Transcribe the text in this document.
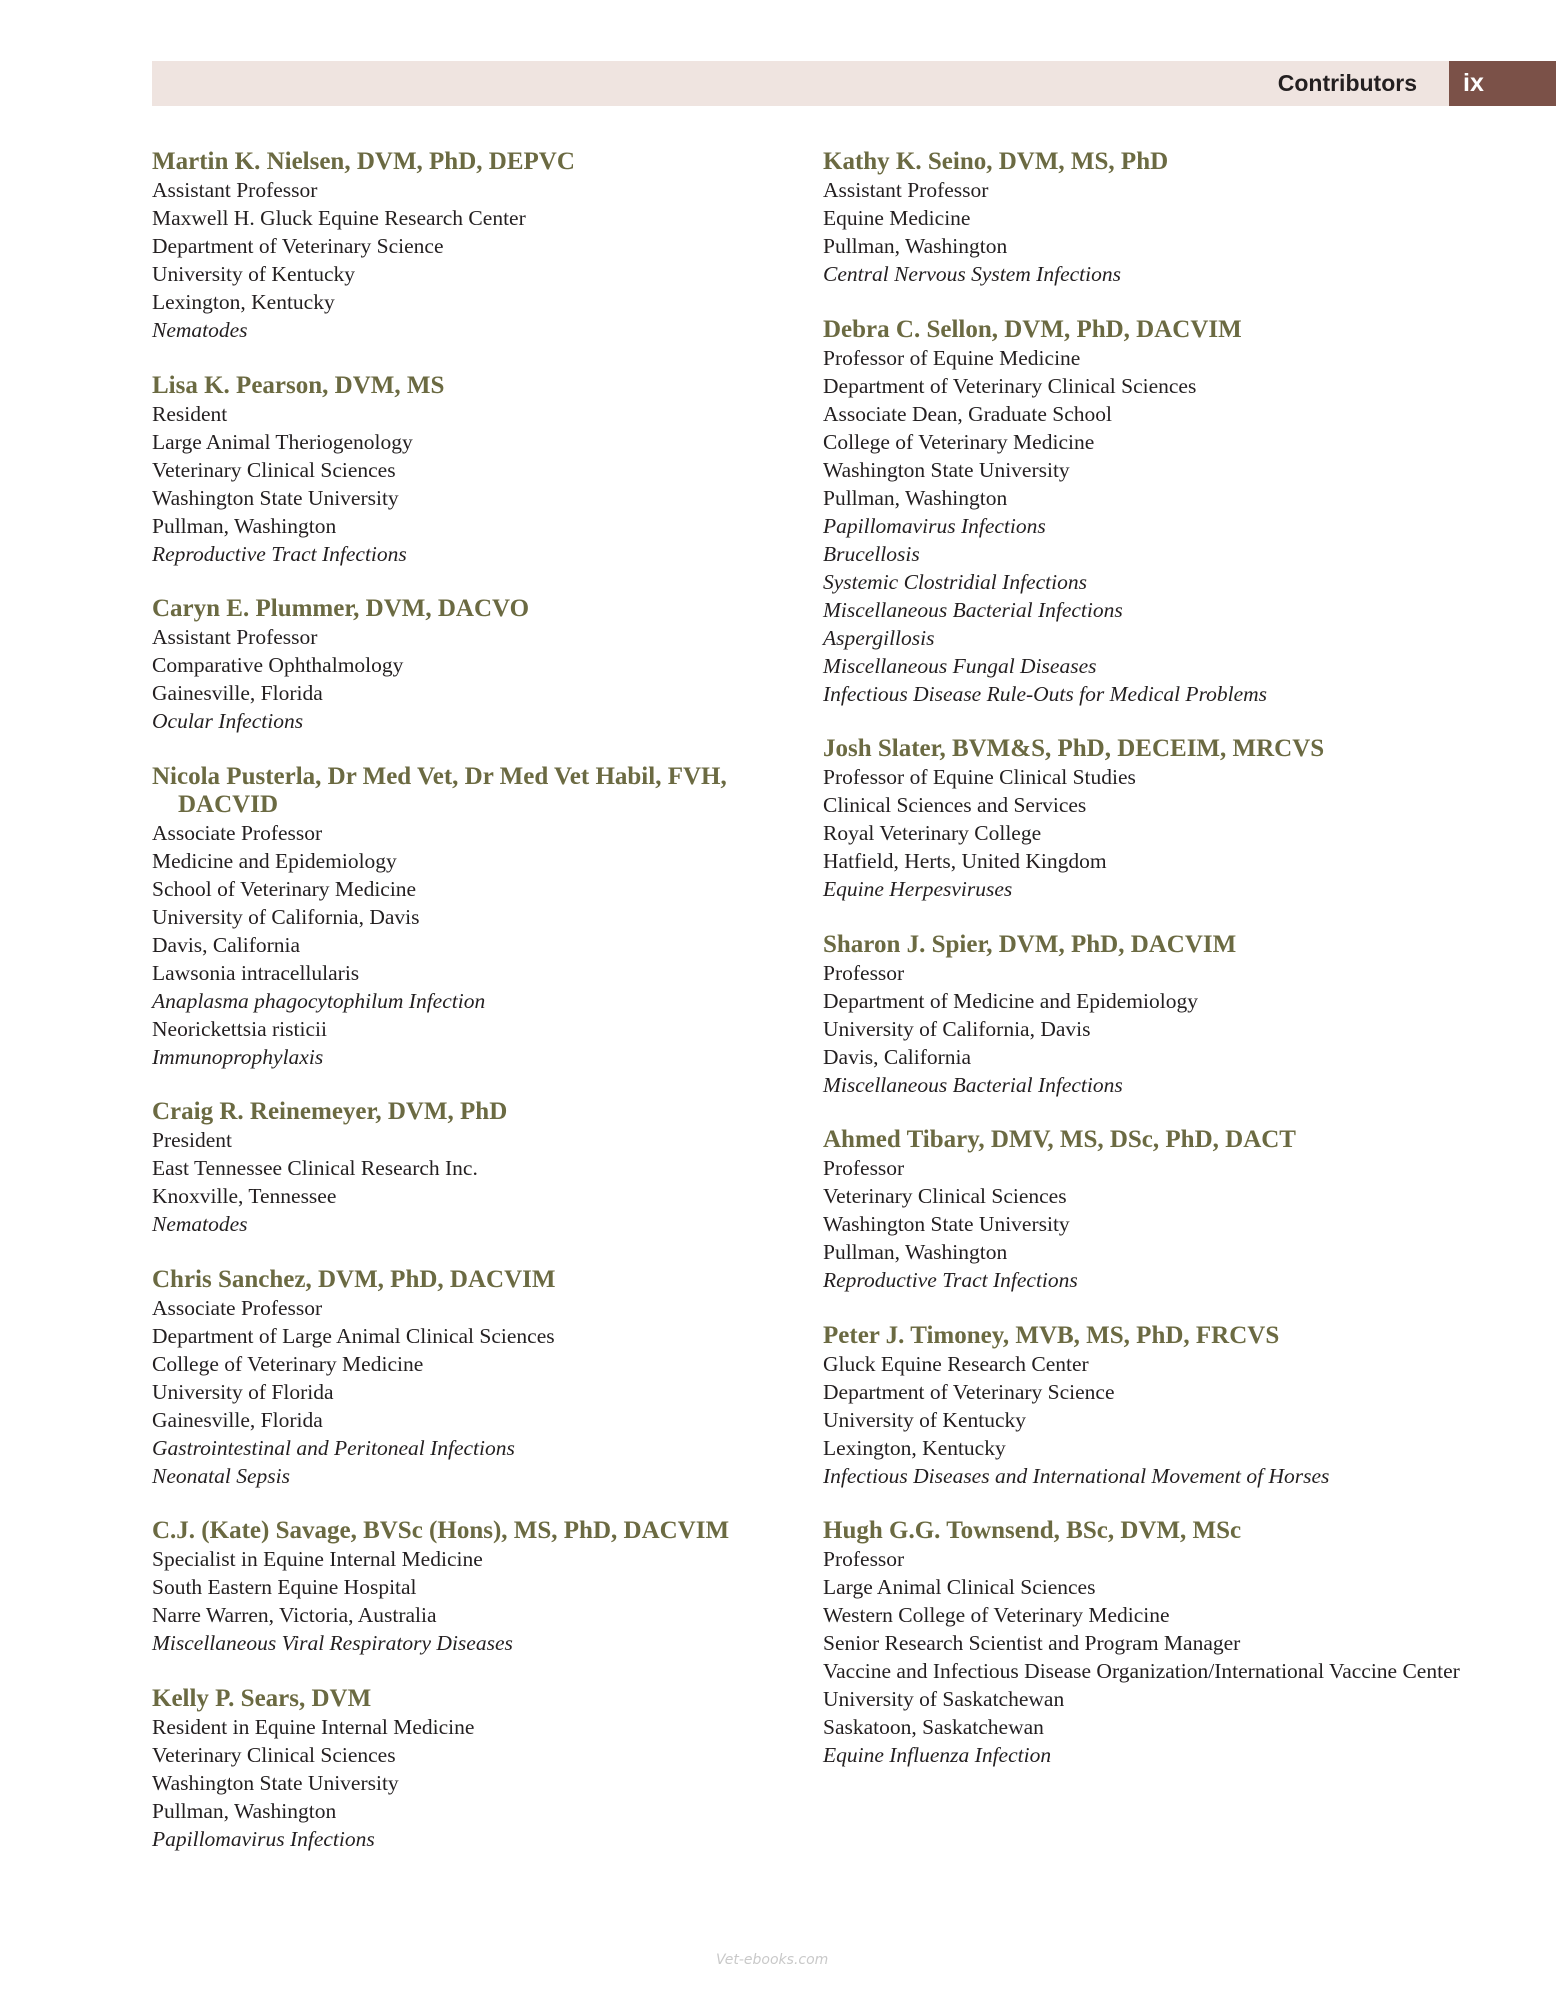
Contributors ix
Martin K. Nielsen, DVM, PhD, DEPVC
Assistant Professor
Maxwell H. Gluck Equine Research Center
Department of Veterinary Science
University of Kentucky
Lexington, Kentucky
Nematodes
Lisa K. Pearson, DVM, MS
Resident
Large Animal Theriogenology
Veterinary Clinical Sciences
Washington State University
Pullman, Washington
Reproductive Tract Infections
Caryn E. Plummer, DVM, DACVO
Assistant Professor
Comparative Ophthalmology
Gainesville, Florida
Ocular Infections
Nicola Pusterla, Dr Med Vet, Dr Med Vet Habil, FVH, DACVID
Associate Professor
Medicine and Epidemiology
School of Veterinary Medicine
University of California, Davis
Davis, California
Lawsonia intracellularis
Anaplasma phagocytophilum Infection
Neorickettsia risticii
Immunoprophylaxis
Craig R. Reinemeyer, DVM, PhD
President
East Tennessee Clinical Research Inc.
Knoxville, Tennessee
Nematodes
Chris Sanchez, DVM, PhD, DACVIM
Associate Professor
Department of Large Animal Clinical Sciences
College of Veterinary Medicine
University of Florida
Gainesville, Florida
Gastrointestinal and Peritoneal Infections
Neonatal Sepsis
C.J. (Kate) Savage, BVSc (Hons), MS, PhD, DACVIM
Specialist in Equine Internal Medicine
South Eastern Equine Hospital
Narre Warren, Victoria, Australia
Miscellaneous Viral Respiratory Diseases
Kelly P. Sears, DVM
Resident in Equine Internal Medicine
Veterinary Clinical Sciences
Washington State University
Pullman, Washington
Papillomavirus Infections
Kathy K. Seino, DVM, MS, PhD
Assistant Professor
Equine Medicine
Pullman, Washington
Central Nervous System Infections
Debra C. Sellon, DVM, PhD, DACVIM
Professor of Equine Medicine
Department of Veterinary Clinical Sciences
Associate Dean, Graduate School
College of Veterinary Medicine
Washington State University
Pullman, Washington
Papillomavirus Infections
Brucellosis
Systemic Clostridial Infections
Miscellaneous Bacterial Infections
Aspergillosis
Miscellaneous Fungal Diseases
Infectious Disease Rule-Outs for Medical Problems
Josh Slater, BVM&S, PhD, DECEIM, MRCVS
Professor of Equine Clinical Studies
Clinical Sciences and Services
Royal Veterinary College
Hatfield, Herts, United Kingdom
Equine Herpesviruses
Sharon J. Spier, DVM, PhD, DACVIM
Professor
Department of Medicine and Epidemiology
University of California, Davis
Davis, California
Miscellaneous Bacterial Infections
Ahmed Tibary, DMV, MS, DSc, PhD, DACT
Professor
Veterinary Clinical Sciences
Washington State University
Pullman, Washington
Reproductive Tract Infections
Peter J. Timoney, MVB, MS, PhD, FRCVS
Gluck Equine Research Center
Department of Veterinary Science
University of Kentucky
Lexington, Kentucky
Infectious Diseases and International Movement of Horses
Hugh G.G. Townsend, BSc, DVM, MSc
Professor
Large Animal Clinical Sciences
Western College of Veterinary Medicine
Senior Research Scientist and Program Manager
Vaccine and Infectious Disease Organization/International Vaccine Center
University of Saskatchewan
Saskatoon, Saskatchewan
Equine Influenza Infection
Vet-ebooks.com
